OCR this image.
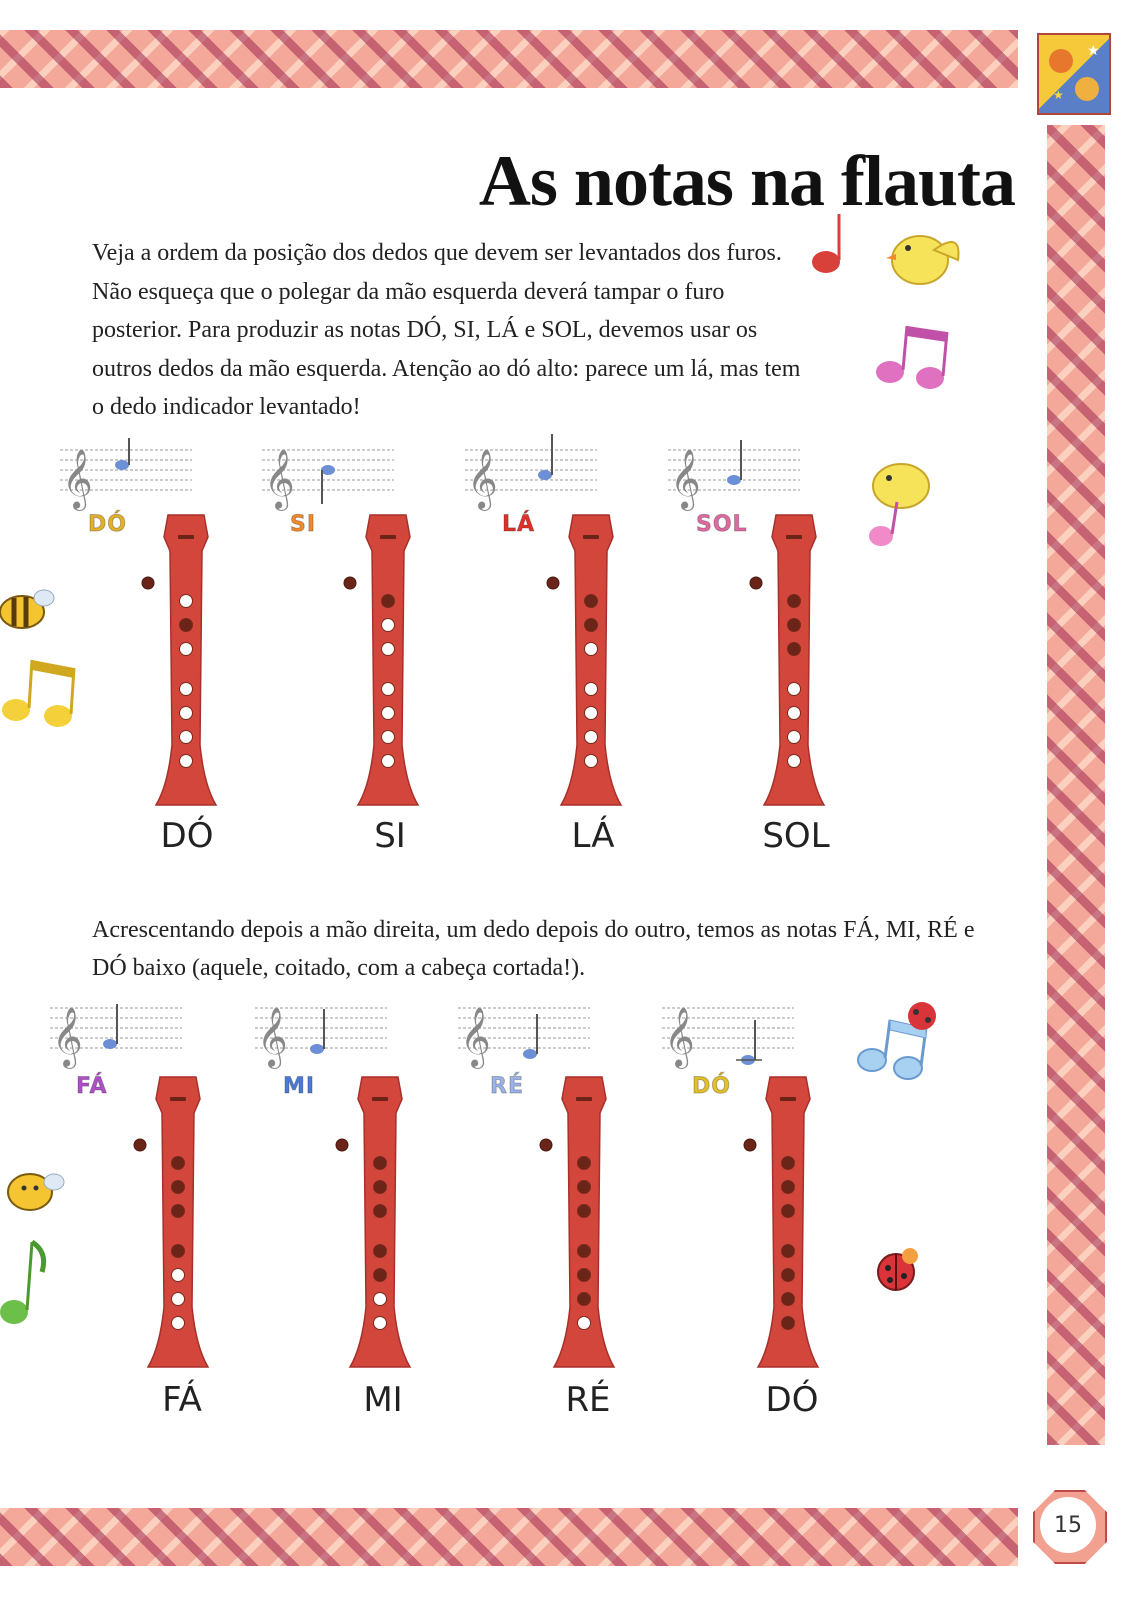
★
★
15
As notas na flauta

Veja a ordem da posição dos dedos que devem ser levantados dos furos. Não esqueça que o polegar da mão esquerda deverá tampar o furo posterior. Para produzir as notas DÓ, SI, LÁ e SOL, devemos usar os outros dedos da mão esquerda. Atenção ao dó alto: parece um lá, mas tem o dedo indicador levantado!

Acrescentando depois a mão direita, um dedo depois do outro, temos as notas FÁ, MI, RÉ e DÓ baixo (aquele, coitado, com a cabeça cortada!).

𝄞	𝄞	𝄞	𝄞
DÓ	SI	LÁ	SOL
DÓ	SI	LÁ	SOL
𝄞	𝄞	𝄞	𝄞
FÁ	MI	RÉ	DÓ
FÁ	MI	RÉ	DÓ
